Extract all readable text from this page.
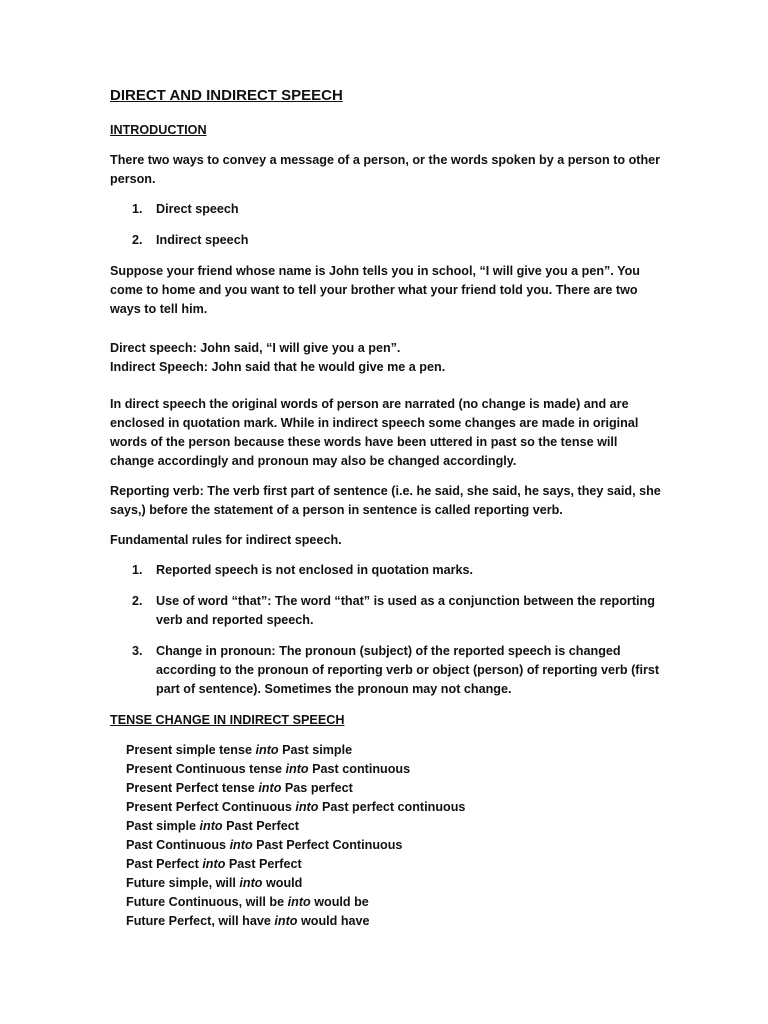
DIRECT AND INDIRECT SPEECH
INTRODUCTION

There two ways to convey a message of a person, or the words spoken by a person to other person.

1. Direct speech
2. Indirect speech

Suppose your friend whose name is John tells you in school, “I will give you a pen”. You come to home and you want to tell your brother what your friend told you. There are two ways to tell him.

Direct speech: John said, “I will give you a pen”.
Indirect Speech: John said that he would give me a pen.

In direct speech the original words of person are narrated (no change is made) and are enclosed in quotation mark. While in indirect speech some changes are made in original words of the person because these words have been uttered in past so the tense will change accordingly and pronoun may also be changed accordingly.

Reporting verb: The verb first part of sentence (i.e. he said, she said, he says, they said, she says,) before the statement of a person in sentence is called reporting verb.

Fundamental rules for indirect speech.

1. Reported speech is not enclosed in quotation marks.
2. Use of word “that”: The word “that” is used as a conjunction between the reporting verb and reported speech.
3. Change in pronoun: The pronoun (subject) of the reported speech is changed according to the pronoun of reporting verb or object (person) of reporting verb (first part of sentence). Sometimes the pronoun may not change.
TENSE CHANGE IN INDIRECT SPEECH
Present simple tense into Past simple
Present Continuous tense into Past continuous
Present Perfect tense into Pas perfect
Present Perfect Continuous into Past perfect continuous
Past simple into Past Perfect
Past Continuous into Past Perfect Continuous
Past Perfect into Past Perfect
Future simple, will into would
Future Continuous, will be into would be
Future Perfect, will have into would have
